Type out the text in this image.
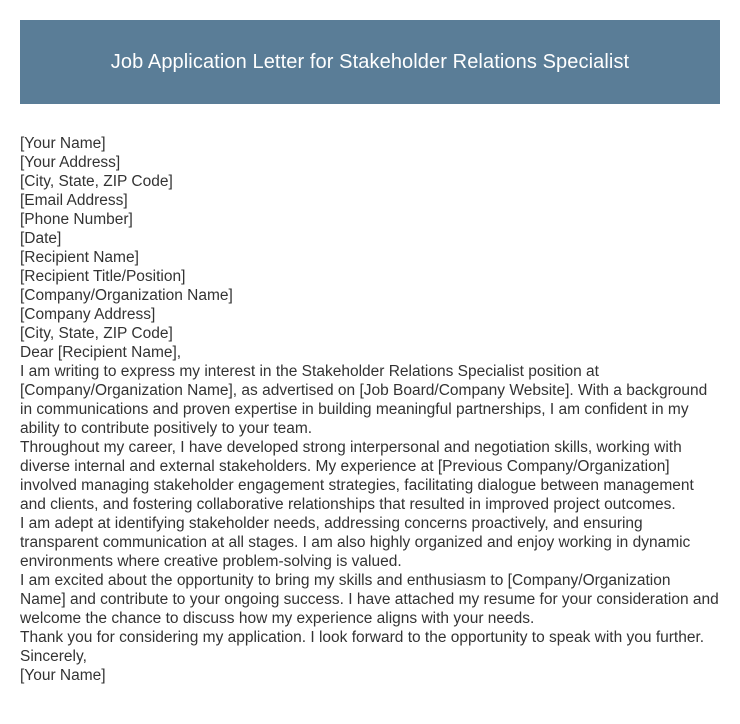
Job Application Letter for Stakeholder Relations Specialist
[Your Name]
[Your Address]
[City, State, ZIP Code]
[Email Address]
[Phone Number]
[Date]
[Recipient Name]
[Recipient Title/Position]
[Company/Organization Name]
[Company Address]
[City, State, ZIP Code]
Dear [Recipient Name],
I am writing to express my interest in the Stakeholder Relations Specialist position at [Company/Organization Name], as advertised on [Job Board/Company Website]. With a background in communications and proven expertise in building meaningful partnerships, I am confident in my ability to contribute positively to your team.
Throughout my career, I have developed strong interpersonal and negotiation skills, working with diverse internal and external stakeholders. My experience at [Previous Company/Organization] involved managing stakeholder engagement strategies, facilitating dialogue between management and clients, and fostering collaborative relationships that resulted in improved project outcomes.
I am adept at identifying stakeholder needs, addressing concerns proactively, and ensuring transparent communication at all stages. I am also highly organized and enjoy working in dynamic environments where creative problem-solving is valued.
I am excited about the opportunity to bring my skills and enthusiasm to [Company/Organization Name] and contribute to your ongoing success. I have attached my resume for your consideration and welcome the chance to discuss how my experience aligns with your needs.
Thank you for considering my application. I look forward to the opportunity to speak with you further.
Sincerely,
[Your Name]
